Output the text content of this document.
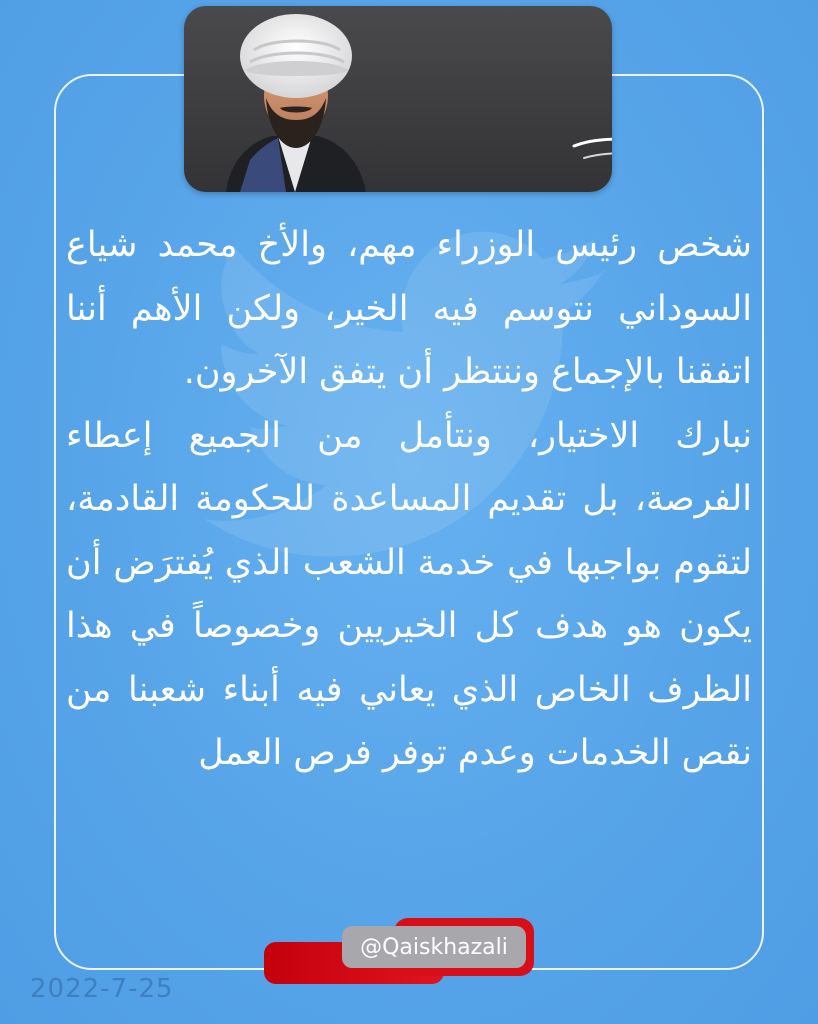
شخص رئيس الوزراء مهم، والأخ محمد شياع السوداني نتوسم فيه الخير، ولكن الأهم أننا اتفقنا بالإجماع وننتظر أن يتفق الآخرون.

نبارك الاختيار، ونتأمل من الجميع إعطاء الفرصة، بل تقديم المساعدة للحكومة القادمة، لتقوم بواجبها في خدمة الشعب الذي يُفترَض أن يكون هو هدف كل الخيريين وخصوصاً في هذا الظرف الخاص الذي يعاني فيه أبناء شعبنا من نقص الخدمات وعدم توفر فرص العمل

@Qaiskhazali
2022-7-25
